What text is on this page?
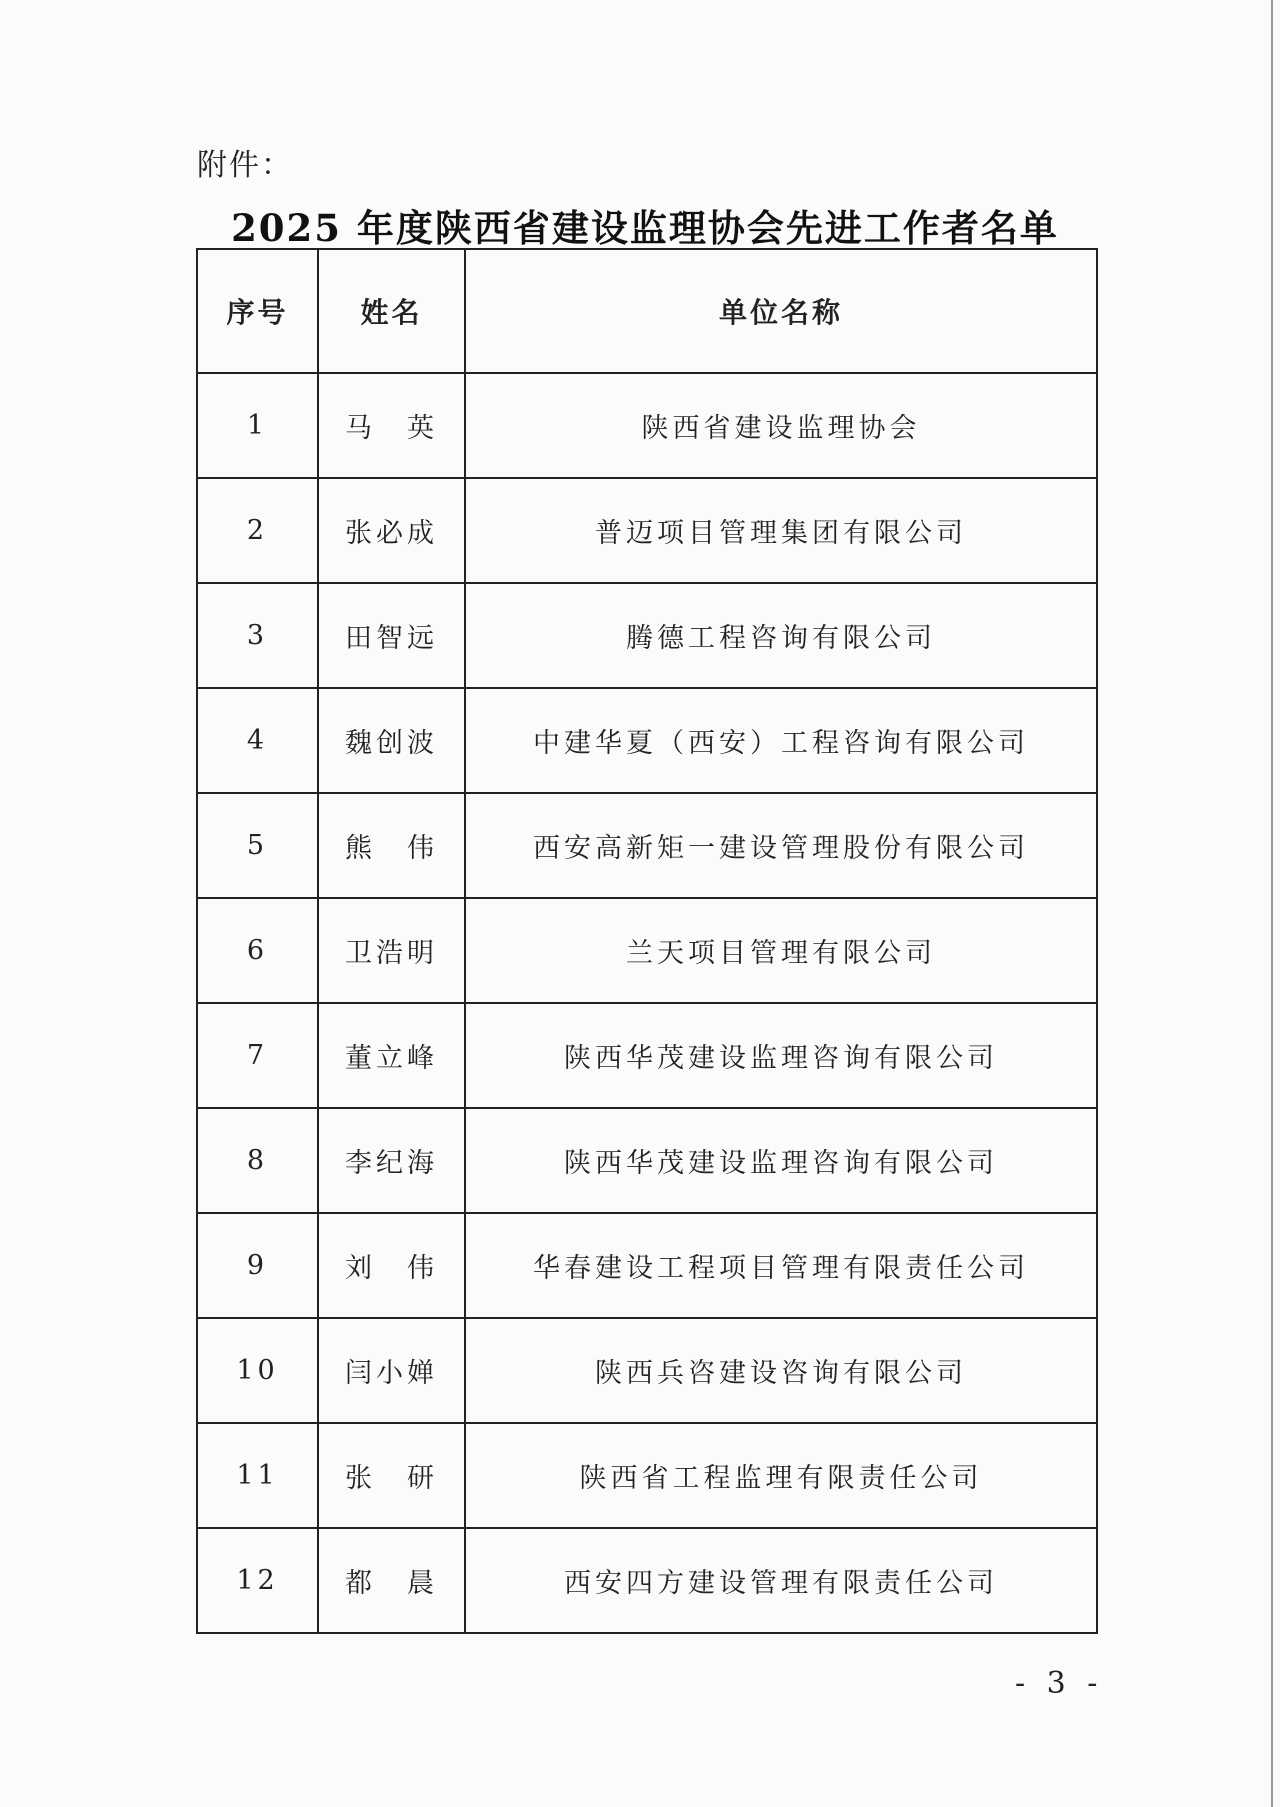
附件：
2025 年度陕西省建设监理协会先进工作者名单
序号	姓名	单位名称
1	马　英	陕西省建设监理协会
2	张必成	普迈项目管理集团有限公司
3	田智远	腾德工程咨询有限公司
4	魏创波	中建华夏（西安）工程咨询有限公司
5	熊　伟	西安高新矩一建设管理股份有限公司
6	卫浩明	兰天项目管理有限公司
7	董立峰	陕西华茂建设监理咨询有限公司
8	李纪海	陕西华茂建设监理咨询有限公司
9	刘　伟	华春建设工程项目管理有限责任公司
10	闫小婵	陕西兵咨建设咨询有限公司
11	张　研	陕西省工程监理有限责任公司
12	都　晨	西安四方建设管理有限责任公司
- 3 -
